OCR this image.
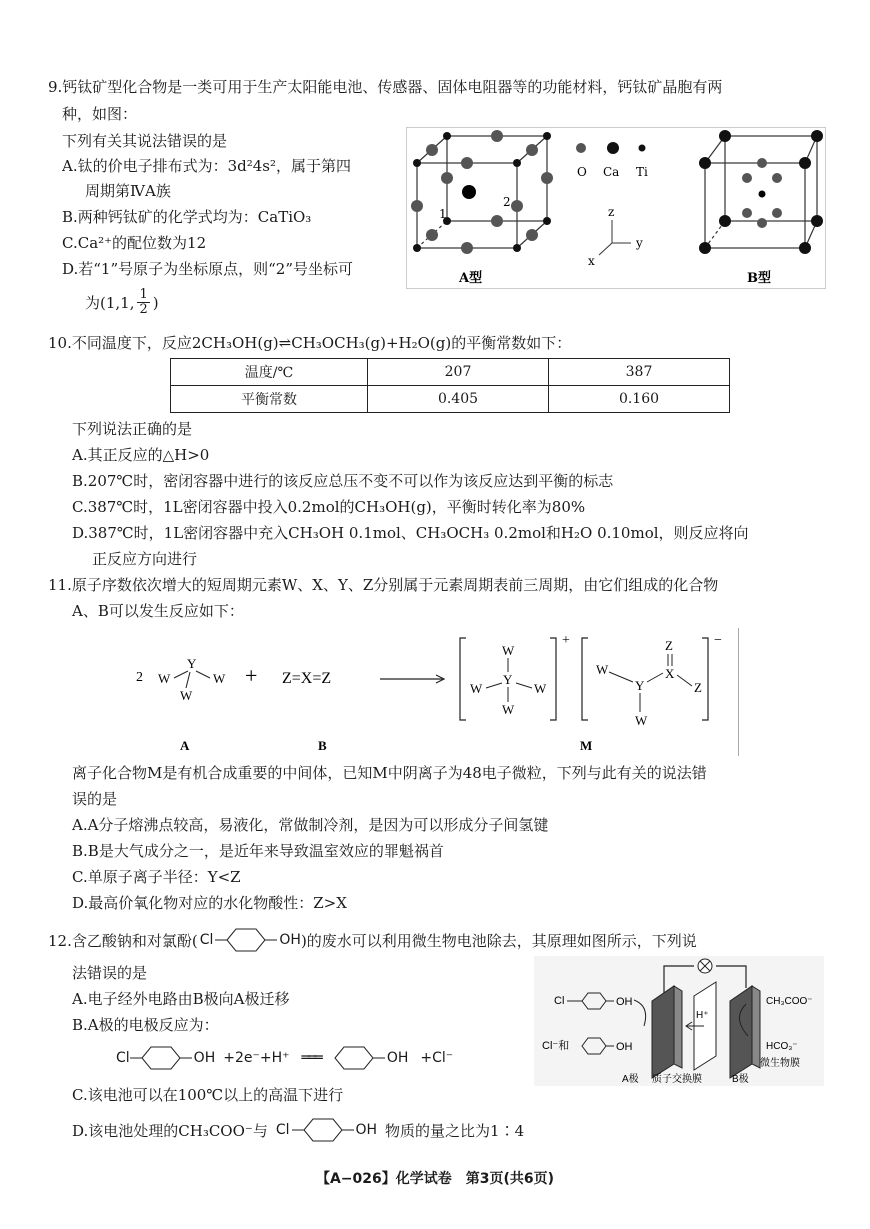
9.钙钛矿型化合物是一类可用于生产太阳能电池、传感器、固体电阻器等的功能材料，钙钛矿晶胞有两
种，如图：
下列有关其说法错误的是
A.钛的价电子排布式为：3d²4s²，属于第四
周期第ⅣA族
B.两种钙钛矿的化学式均为：CaTiO₃
C.Ca²⁺的配位数为12
D.若“1”号原子为坐标原点，则“2”号坐标可
为(1,1, $\frac{1}{2}$ )
1
2
A型
O Ca Ti
z
y
x
B型
10.不同温度下，反应2CH₃OH(g)⇌CH₃OCH₃(g)+H₂O(g)的平衡常数如下：
温度/℃	207	387
平衡常数	0.405	0.160
下列说法正确的是
A.其正反应的△H>0
B.207℃时，密闭容器中进行的该反应总压不变不可以作为该反应达到平衡的标志
C.387℃时，1L密闭容器中投入0.2mol的CH₃OH(g)，平衡时转化率为80%
D.387℃时，1L密闭容器中充入CH₃OH 0.1mol、CH₃OCH₃ 0.2mol和H₂O 0.10mol，则反应将向
正反应方向进行
11.原子序数依次增大的短周期元素W、X、Y、Z分别属于元素周期表前三周期，由它们组成的化合物
A、B可以发生反应如下：
2
Y
W	W
W
+ Z=X=Z
W
Y
W	W
W
+
W
Y
W
Z
X
Z
−
A	B	M
离子化合物M是有机合成重要的中间体，已知M中阴离子为48电子微粒，下列与此有关的说法错
误的是
A.A分子熔沸点较高，易液化，常做制冷剂，是因为可以形成分子间氢键
B.B是大气成分之一，是近年来导致温室效应的罪魁祸首
C.单原子离子半径：Y<Z
D.最高价氧化物对应的水化物酸性：Z>X
12.含乙酸钠和对氯酚( Cl	OH )的废水可以利用微生物电池除去，其原理如图所示，下列说
法错误的是
A.电子经外电路由B极向A极迁移
B.A极的电极反应为：
Cl	OH +2e⁻+H⁺ ═══	OH +Cl⁻
C.该电池可以在100℃以上的高温下进行
D.该电池处理的CH₃COO⁻与 Cl	OH 物质的量之比为1∶4
H⁺
Cl	OH
Cl⁻和	OH
CH₃COO⁻
HCO₃⁻
微生物膜
A极 质子交换膜	B极
【A−026】化学试卷　第3页(共6页)
